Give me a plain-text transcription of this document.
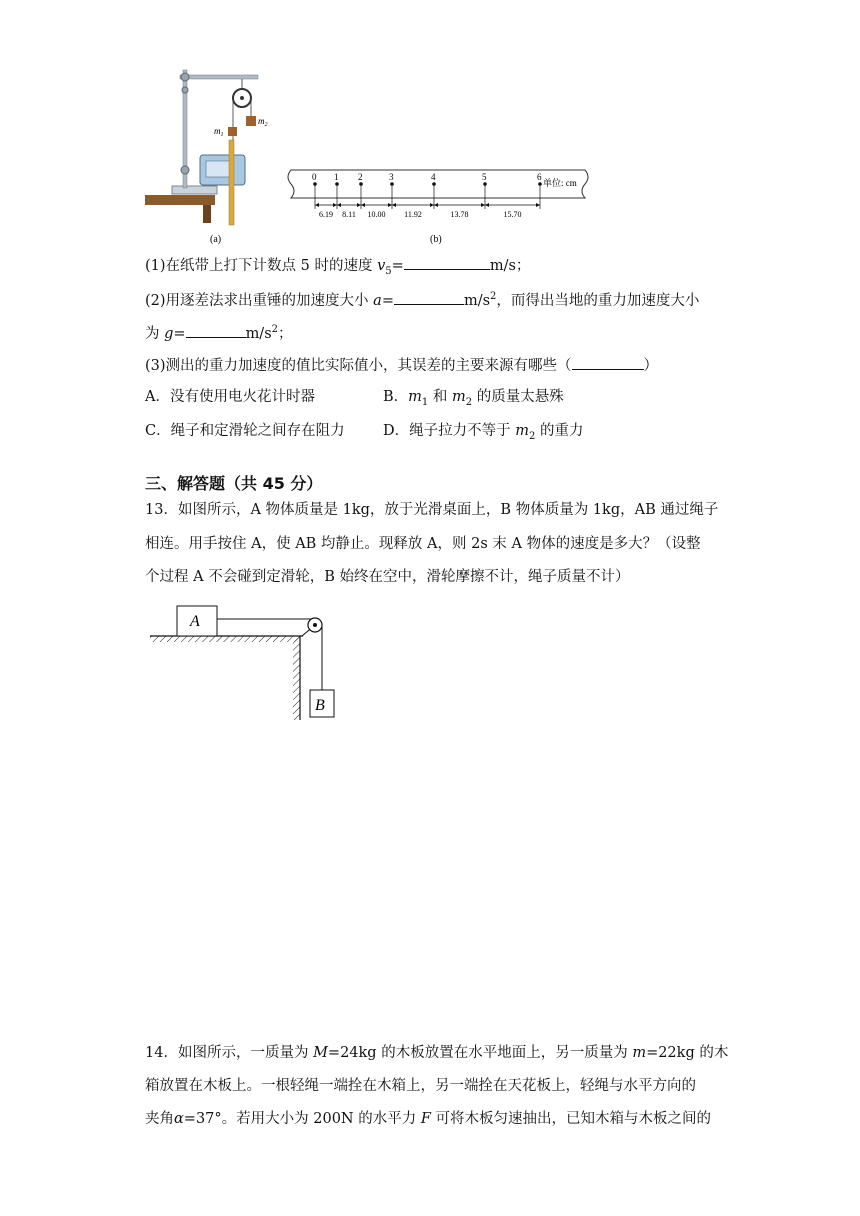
$m_1$
$m_2$
(a)
0 1 2	3	4	5	6
6.19 8.11 10.00 11.92	13.78	15.70
单位: cm
(b)
(1)在纸带上打下计数点 5 时的速度 $v_5=$	m/s；
(2)用逐差法求出重锤的加速度大小 a=	$m/s^2$，而得出当地的重力加速度大小
为 g=	$m/s^2$；
(3)测出的重力加速度的值比实际值小，其误差的主要来源有哪些（	）
A．没有使用电火花计时器	B．$m_1$ 和 $m_2$ 的质量太悬殊
C．绳子和定滑轮之间存在阻力	D．绳子拉力不等于 $m_2$ 的重力
三、解答题（共 45 分）
13．如图所示，A 物体质量是 1kg，放于光滑桌面上，B 物体质量为 1kg，AB 通过绳子
相连。用手按住 A，使 AB 均静止。现释放 A，则 2s 末 A 物体的速度是多大？（设整
个过程 A 不会碰到定滑轮，B 始终在空中，滑轮摩擦不计，绳子质量不计）
A
B
14．如图所示，一质量为 M=24kg 的木板放置在水平地面上，另一质量为 m=22kg 的木
箱放置在木板上。一根轻绳一端拴在木箱上，另一端拴在天花板上，轻绳与水平方向的
夹角α=37°。若用大小为 200N 的水平力 F 可将木板匀速抽出，已知木箱与木板之间的
